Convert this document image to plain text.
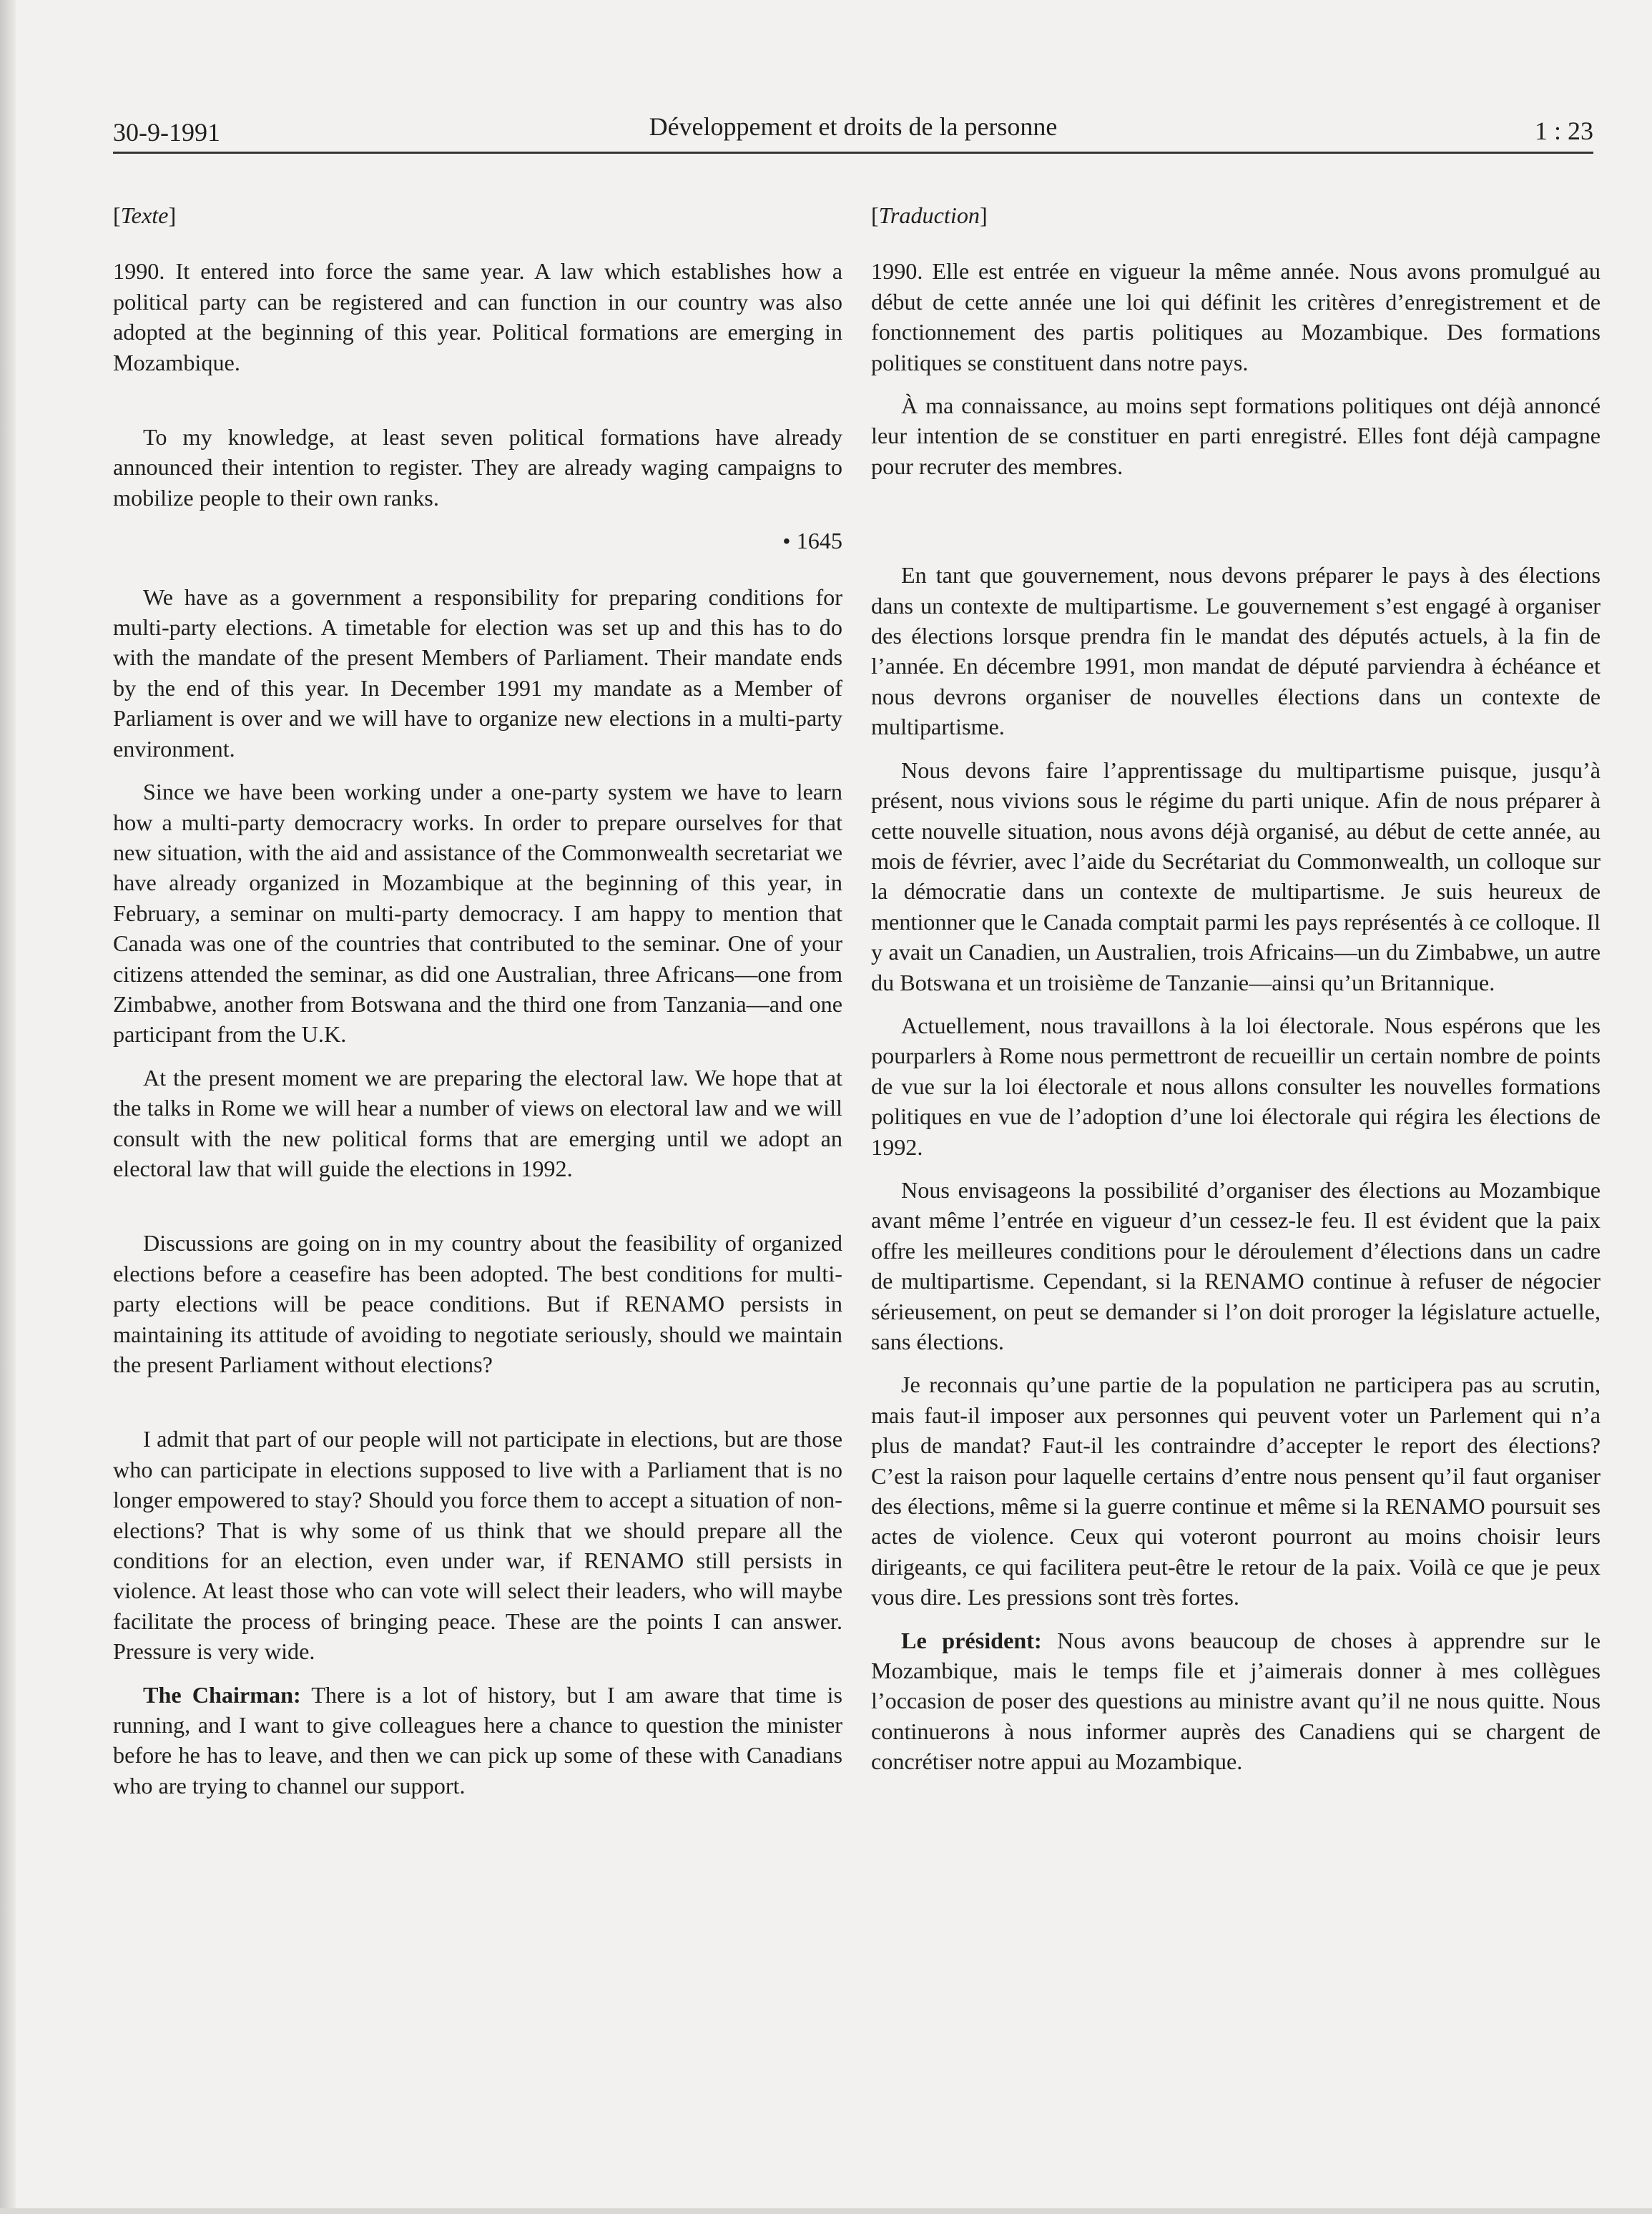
30-9-1991	Développement et droits de la personne	1 : 23
[Texte]

1990. It entered into force the same year. A law which establishes how a political party can be registered and can function in our country was also adopted at the beginning of this year. Political formations are emerging in Mozambique.

To my knowledge, at least seven political formations have already announced their intention to register. They are already waging campaigns to mobilize people to their own ranks.

• 1645

We have as a government a responsibility for preparing conditions for multi-party elections. A timetable for election was set up and this has to do with the mandate of the present Members of Parliament. Their mandate ends by the end of this year. In December 1991 my mandate as a Member of Parliament is over and we will have to organize new elections in a multi-party environment.

Since we have been working under a one-party system we have to learn how a multi-party democracry works. In order to prepare ourselves for that new situation, with the aid and assistance of the Commonwealth secretariat we have already organized in Mozambique at the beginning of this year, in February, a seminar on multi-party democracy. I am happy to mention that Canada was one of the countries that contributed to the seminar. One of your citizens attended the seminar, as did one Australian, three Africans—one from Zimbabwe, another from Botswana and the third one from Tanzania—and one participant from the U.K.

At the present moment we are preparing the electoral law. We hope that at the talks in Rome we will hear a number of views on electoral law and we will consult with the new political forms that are emerging until we adopt an electoral law that will guide the elections in 1992.

Discussions are going on in my country about the feasibility of organized elections before a ceasefire has been adopted. The best conditions for multi-party elections will be peace conditions. But if RENAMO persists in maintaining its attitude of avoiding to negotiate seriously, should we maintain the present Parliament without elections?

I admit that part of our people will not participate in elections, but are those who can participate in elections supposed to live with a Parliament that is no longer empowered to stay? Should you force them to accept a situation of non-elections? That is why some of us think that we should prepare all the conditions for an election, even under war, if RENAMO still persists in violence. At least those who can vote will select their leaders, who will maybe facilitate the process of bringing peace. These are the points I can answer. Pressure is very wide.

The Chairman: There is a lot of history, but I am aware that time is running, and I want to give colleagues here a chance to question the minister before he has to leave, and then we can pick up some of these with Canadians who are trying to channel our support.

[Traduction]

1990. Elle est entrée en vigueur la même année. Nous avons promulgué au début de cette année une loi qui définit les critères d’enregistrement et de fonctionnement des partis politiques au Mozambique. Des formations politiques se constituent dans notre pays.

À ma connaissance, au moins sept formations politiques ont déjà annoncé leur intention de se constituer en parti enregistré. Elles font déjà campagne pour recruter des membres.

En tant que gouvernement, nous devons préparer le pays à des élections dans un contexte de multipartisme. Le gouvernement s’est engagé à organiser des élections lorsque prendra fin le mandat des députés actuels, à la fin de l’année. En décembre 1991, mon mandat de député parviendra à échéance et nous devrons organiser de nouvelles élections dans un contexte de multipartisme.

Nous devons faire l’apprentissage du multipartisme puisque, jusqu’à présent, nous vivions sous le régime du parti unique. Afin de nous préparer à cette nouvelle situation, nous avons déjà organisé, au début de cette année, au mois de février, avec l’aide du Secrétariat du Commonwealth, un colloque sur la démocratie dans un contexte de multipartisme. Je suis heureux de mentionner que le Canada comptait parmi les pays représentés à ce colloque. Il y avait un Canadien, un Australien, trois Africains—un du Zimbabwe, un autre du Botswana et un troisième de Tanzanie—ainsi qu’un Britannique.

Actuellement, nous travaillons à la loi électorale. Nous espérons que les pourparlers à Rome nous permettront de recueillir un certain nombre de points de vue sur la loi électorale et nous allons consulter les nouvelles formations politiques en vue de l’adoption d’une loi électorale qui régira les élections de 1992.

Nous envisageons la possibilité d’organiser des élections au Mozambique avant même l’entrée en vigueur d’un cessez-le feu. Il est évident que la paix offre les meilleures conditions pour le déroulement d’élections dans un cadre de multipartisme. Cependant, si la RENAMO continue à refuser de négocier sérieusement, on peut se demander si l’on doit proroger la législature actuelle, sans élections.

Je reconnais qu’une partie de la population ne participera pas au scrutin, mais faut-il imposer aux personnes qui peuvent voter un Parlement qui n’a plus de mandat? Faut-il les contraindre d’accepter le report des élections? C’est la raison pour laquelle certains d’entre nous pensent qu’il faut organiser des élections, même si la guerre continue et même si la RENAMO poursuit ses actes de violence. Ceux qui voteront pourront au moins choisir leurs dirigeants, ce qui facilitera peut-être le retour de la paix. Voilà ce que je peux vous dire. Les pressions sont très fortes.

Le président: Nous avons beaucoup de choses à apprendre sur le Mozambique, mais le temps file et j’aimerais donner à mes collègues l’occasion de poser des questions au ministre avant qu’il ne nous quitte. Nous continuerons à nous informer auprès des Canadiens qui se chargent de concrétiser notre appui au Mozambique.
